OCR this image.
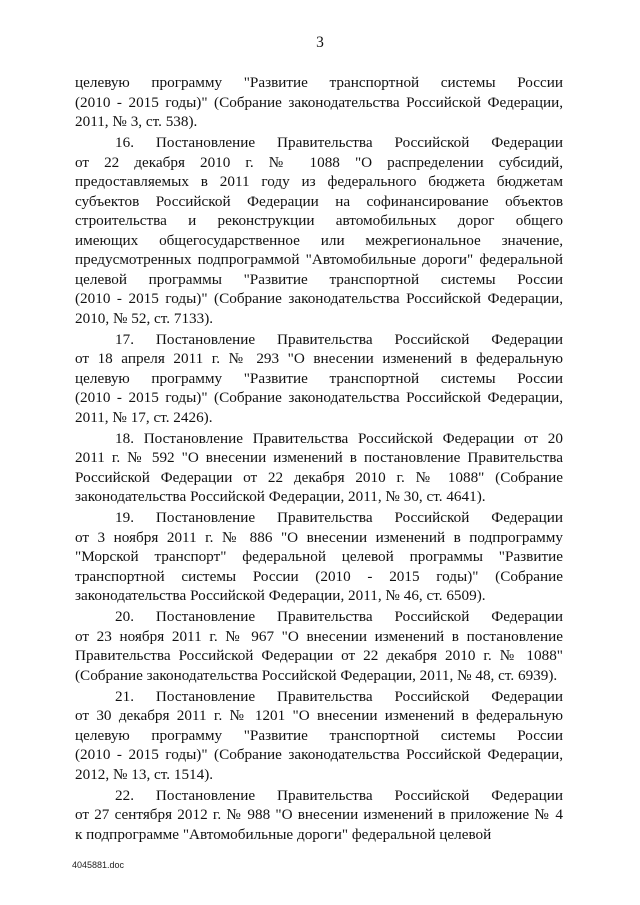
3
целевую программу "Развитие транспортной системы России
(2010 - 2015 годы)" (Собрание законодательства Российской Федерации,
2011, № 3, ст. 538).
16. Постановление Правительства Российской Федерации
от 22 декабря 2010 г. № 1088 "О распределении субсидий,
предоставляемых в 2011 году из федерального бюджета бюджетам
субъектов Российской Федерации на софинансирование объектов
строительства и реконструкции автомобильных дорог общего
имеющих общегосударственное или межрегиональное значение,
предусмотренных подпрограммой "Автомобильные дороги" федеральной
целевой программы "Развитие транспортной системы России
(2010 - 2015 годы)" (Собрание законодательства Российской Федерации,
2010, № 52, ст. 7133).
17. Постановление Правительства Российской Федерации
от 18 апреля 2011 г. № 293 "О внесении изменений в федеральную
целевую программу "Развитие транспортной системы России
(2010 - 2015 годы)" (Собрание законодательства Российской Федерации,
2011, № 17, ст. 2426).
18. Постановление Правительства Российской Федерации от 20
2011 г. № 592 "О внесении изменений в постановление Правительства
Российской Федерации от 22 декабря 2010 г. № 1088" (Собрание
законодательства Российской Федерации, 2011, № 30, ст. 4641).
19. Постановление Правительства Российской Федерации
от 3 ноября 2011 г. № 886 "О внесении изменений в подпрограмму
"Морской транспорт" федеральной целевой программы "Развитие
транспортной системы России (2010 - 2015 годы)" (Собрание
законодательства Российской Федерации, 2011, № 46, ст. 6509).
20. Постановление Правительства Российской Федерации
от 23 ноября 2011 г. № 967 "О внесении изменений в постановление
Правительства Российской Федерации от 22 декабря 2010 г. № 1088"
(Собрание законодательства Российской Федерации, 2011, № 48, ст. 6939).
21. Постановление Правительства Российской Федерации
от 30 декабря 2011 г. № 1201 "О внесении изменений в федеральную
целевую программу "Развитие транспортной системы России
(2010 - 2015 годы)" (Собрание законодательства Российской Федерации,
2012, № 13, ст. 1514).
22. Постановление Правительства Российской Федерации
от 27 сентября 2012 г. № 988 "О внесении изменений в приложение № 4
к подпрограмме "Автомобильные дороги" федеральной целевой
4045881.doc
